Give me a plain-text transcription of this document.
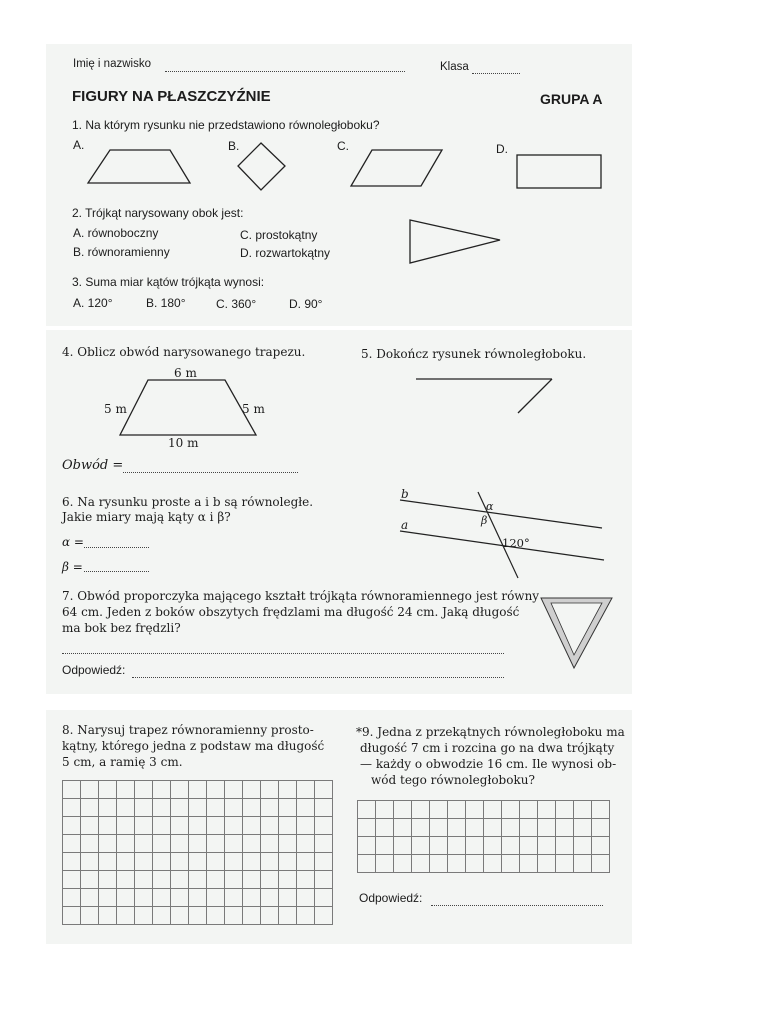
Imię i nazwisko	Klasa
FIGURY NA PŁASZCZYŹNIE	GRUPA A
1. Na którym rysunku nie przedstawiono równoległoboku?
A.	B.	C.	D.
2. Trójkąt narysowany obok jest:
A. równoboczny
B. równoramienny
C. prostokątny
D. rozwartokątny
3. Suma miar kątów trójkąta wynosi:
A. 120°	B. 180°	C. 360°	D. 90°
4. Oblicz obwód narysowanego trapezu.
6 m
5 m	5 m
10 m
Obwód =
5. Dokończ rysunek równoległoboku.
6. Na rysunku proste a i b są równoległe.
Jakie miary mają kąty α i β?
α =
β =
b
a
α
β
120°
7. Obwód proporczyka mającego kształt trójkąta równoramiennego jest równy
64 cm. Jeden z boków obszytych frędzlami ma długość 24 cm. Jaką długość
ma bok bez frędzli?
Odpowiedź:
8. Narysuj trapez równoramienny prosto-
kątny, którego jedna z podstaw ma długość
5 cm, a ramię 3 cm.
*9. Jedna z przekątnych równoległoboku ma
długość 7 cm i rozcina go na dwa trójkąty
— każdy o obwodzie 16 cm. Ile wynosi ob-
wód tego równoległoboku?
Odpowiedź:
